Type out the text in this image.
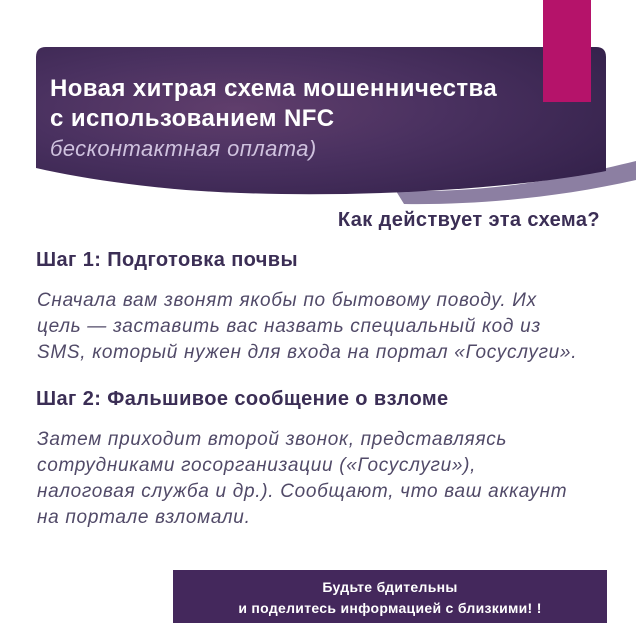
Новая хитрая схема мошенничества
с использованием NFC
бесконтактная оплата)
Как действует эта схема?
Шаг 1: Подготовка почвы
Сначала вам звонят якобы по бытовому поводу. Их
цель — заставить вас назвать специальный код из
SMS, который нужен для входа на портал «Госуслуги».
Шаг 2: Фальшивое сообщение о взломе
Затем приходит второй звонок, представляясь
сотрудниками госорганизации («Госуслуги»),
налоговая служба и др.). Сообщают, что ваш аккаунт
на портале взломали.
Будьте бдительны
и поделитесь информацией с близкими! !
